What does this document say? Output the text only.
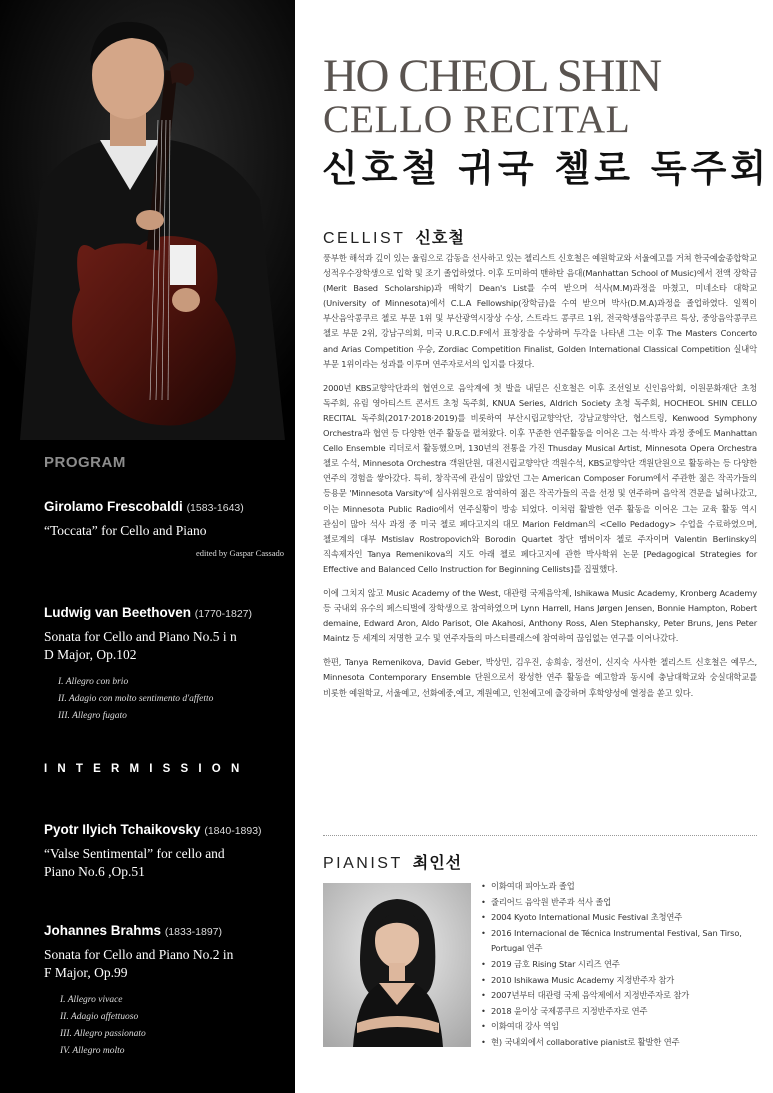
PROGRAM
Girolamo Frescobaldi (1583-1643)
“Toccata” for Cello and Piano
edited by Gaspar Cassado
Ludwig van Beethoven (1770-1827)
Sonata for Cello and Piano No.5 i n D Major, Op.102
I. Allegro con brio
II. Adagio con molto sentimento d'affetto
III. Allegro fugato
INTERMISSION
Pyotr Ilyich Tchaikovsky (1840-1893)
“Valse Sentimental” for cello and Piano No.6 ,Op.51
Johannes Brahms (1833-1897)
Sonata for Cello and Piano No.2 in F Major, Op.99
I. Allegro vivace
II. Adagio affettuoso
III. Allegro passionato
IV. Allegro molto
HO CHEOL SHIN
CELLO RECITAL
신호철 귀국 첼로 독주회
CELLIST 신호철

풍부한 해석과 깊이 있는 울림으로 감동을 선사하고 있는 첼리스트 신호철은 예원학교와 서울예고를 거쳐 한국예술종합학교 성적우수장학생으로 입학 및 조기 졸업하였다. 이후 도미하여 맨하탄 음대(Manhattan School of Music)에서 전액 장학금(Merit Based Scholarship)과 매학기 Dean's List를 수여 받으며 석사(M.M)과정을 마쳤고, 미네소타 대학교 (University of Minnesota)에서 C.L.A Fellowship(장학금)을 수여 받으며 박사(D.M.A)과정을 졸업하였다. 일찍이 부산음악콩쿠르 첼로 부문 1위 및 부산광역시장상 수상, 스트라드 콩쿠르 1위, 전국학생음악콩쿠르 특상, 중앙음악콩쿠르 첼로 부문 2위, 강남구의회, 미국 U.R.C.D.F에서 표창장을 수상하며 두각을 나타낸 그는 이후 The Masters Concerto and Arias Competition 우승, Zordiac Competition Finalist, Golden International Classical Competition 실내악 부문 1위이라는 성과를 이루며 연주자로서의 입지를 다졌다.

2000년 KBS교향악단과의 협연으로 음악계에 첫 발을 내딛은 신호철은 이후 조선일보 신인음악회, 이원문화재단 초청 독주회, 유림 영아티스트 콘서트 초청 독주회, KNUA Series, Aldrich Society 초청 독주회, HOCHEOL SHIN CELLO RECITAL 독주회(2017·2018·2019)를 비롯하여 부산시립교향악단, 강남교향악단, 협스트링, Kenwood Symphony Orchestra과 협연 등 다양한 연주 활동을 펼쳐왔다. 이후 꾸준한 연주활동을 이어온 그는 석·박사 과정 중에도 Manhattan Cello Ensemble 리더로서 활동했으며, 130년의 전통을 가진 Thusday Musical Artist, Minnesota Opera Orchestra 첼로 수석, Minnesota Orchestra 객원단원, 대전시립교향악단 객원수석, KBS교향악단 객원단원으로 활동하는 등 다양한 연주의 경험을 쌓아갔다. 특히, 창작곡에 관심이 많았던 그는 American Composer Forum에서 주관한 젊은 작곡가들의 등용문 'Minnesota Varsity'에 심사위원으로 참여하여 젊은 작곡가들의 곡을 선정 및 연주하며 음악적 견문을 넓혀나갔고, 이는 Minnesota Public Radio에서 연주실황이 방송 되었다. 이처럼 활발한 연주 활동을 이어온 그는 교육 활동 역시 관심이 많아 석사 과정 중 미국 첼로 페다고지의 대모 Marion Feldman의 <Cello Pedadogy> 수업을 수료하였으며, 첼로계의 대부 Mstislav Rostropovich와 Borodin Quartet 창단 멤버이자 첼로 주자이며 Valentin Berlinsky의 직속제자인 Tanya Remenikova의 지도 아래 첼로 페다고지에 관한 박사학위 논문 [Pedagogical Strategies for Effective and Balanced Cello Instruction for Beginning Cellists]를 집필했다.

이에 그치지 않고 Music Academy of the West, 대관령 국제음악제, Ishikawa Music Academy, Kronberg Academy 등 국내외 유수의 페스티벌에 장학생으로 참여하였으며 Lynn Harrell, Hans Jørgen Jensen, Bonnie Hampton, Robert demaine, Edward Aron, Aldo Parisot, Ole Akahosi, Anthony Ross, Alen Stephansky, Peter Bruns, Jens Peter Maintz 등 세계의 저명한 교수 및 연주자들의 마스터클래스에 참여하여 끊임없는 연구를 이어나갔다.

한편, Tanya Remenikova, David Geber, 박상민, 김우진, 송희송, 정선이, 신지숙 사사한 첼리스트 신호철은 예무스, Minnesota Contemporary Ensemble 단원으로서 왕성한 연주 활동을 예고함과 동시에 충남대학교와 숭실대학교를 비롯한 예원학교, 서울예고, 선화예중,예고, 계원예고, 인천예고에 출강하며 후학양성에 열정을 쏟고 있다.

PIANIST 최인선
• 이화여대 피아노과 졸업
• 줄리어드 음악원 반주과 석사 졸업
• 2004 Kyoto International Music Festival 초청연주
• 2016 Internacional de Técnica Instrumental Festival, San Tirso, Portugal 연주
• 2019 금호 Rising Star 시리즈 연주
• 2010 Ishikawa Music Academy 지정반주자 참가
• 2007년부터 대관령 국제 음악제에서 지정반주자로 참가
• 2018 윤이상 국제콩쿠르 지정반주자로 연주
• 이화여대 강사 역임
• 현) 국내외에서 collaborative pianist로 활발한 연주
